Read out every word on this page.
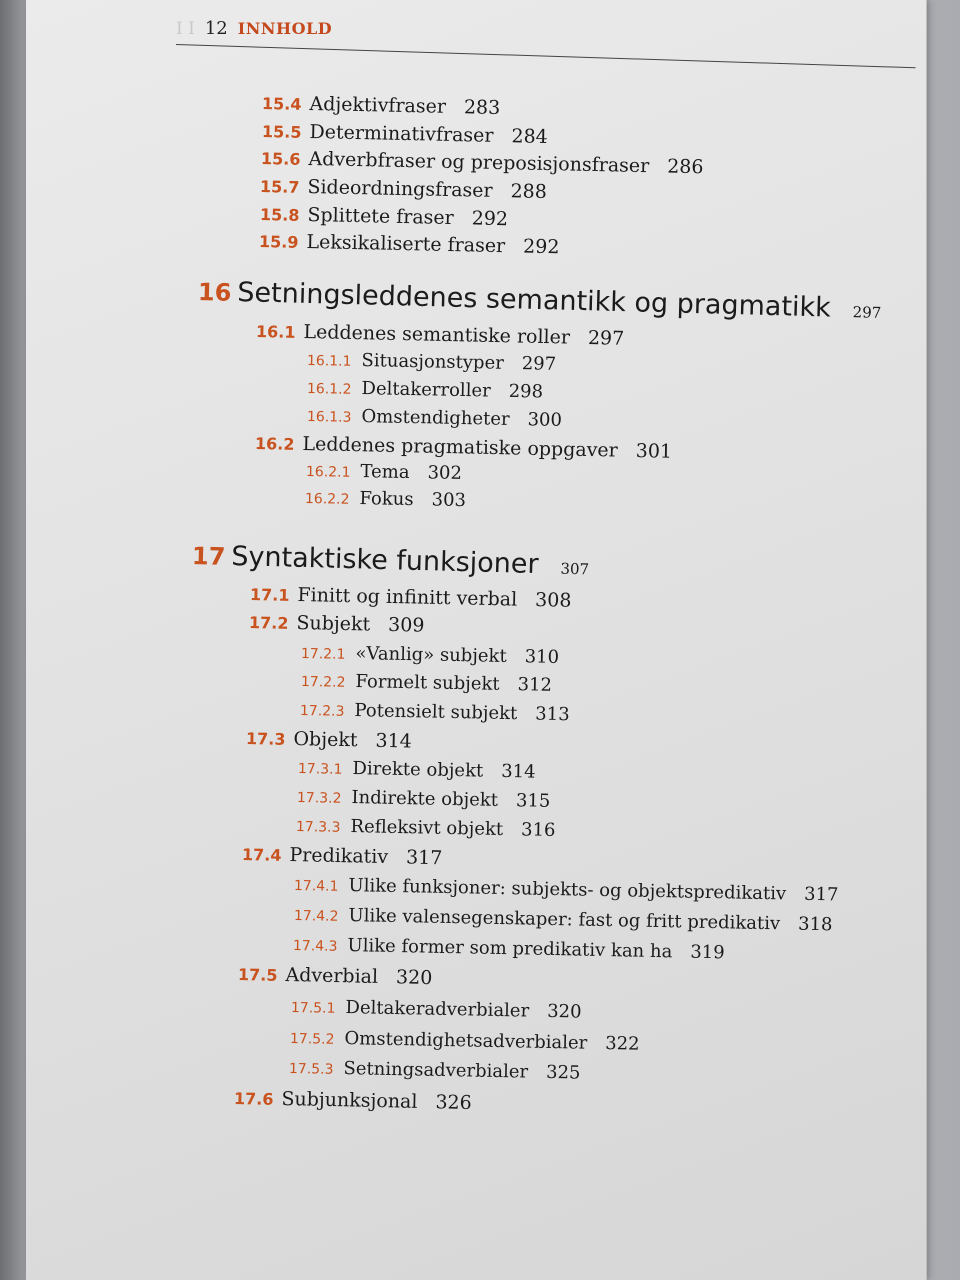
I I 12 INNHOLD
15.4 Adjektivfraser 283
15.5 Determinativfraser 284
15.6 Adverbfraser og preposisjonsfraser 286
15.7 Sideordningsfraser 288
15.8 Splittete fraser 292
15.9 Leksikaliserte fraser 292
16 Setningsleddenes semantikk og pragmatikk 297
16.1 Leddenes semantiske roller 297
16.1.1 Situasjonstyper 297
16.1.2 Deltakerroller 298
16.1.3 Omstendigheter 300
16.2 Leddenes pragmatiske oppgaver 301
16.2.1 Tema 302
16.2.2 Fokus 303
17 Syntaktiske funksjoner 307
17.1 Finitt og infinitt verbal 308
17.2 Subjekt 309
17.2.1 «Vanlig» subjekt 310
17.2.2 Formelt subjekt 312
17.2.3 Potensielt subjekt 313
17.3 Objekt 314
17.3.1 Direkte objekt 314
17.3.2 Indirekte objekt 315
17.3.3 Refleksivt objekt 316
17.4 Predikativ 317
17.4.1 Ulike funksjoner: subjekts- og objektspredikativ 317
17.4.2 Ulike valensegenskaper: fast og fritt predikativ 318
17.4.3 Ulike former som predikativ kan ha 319
17.5 Adverbial 320
17.5.1 Deltakeradverbialer 320
17.5.2 Omstendighetsadverbialer 322
17.5.3 Setningsadverbialer 325
17.6 Subjunksjonal 326
